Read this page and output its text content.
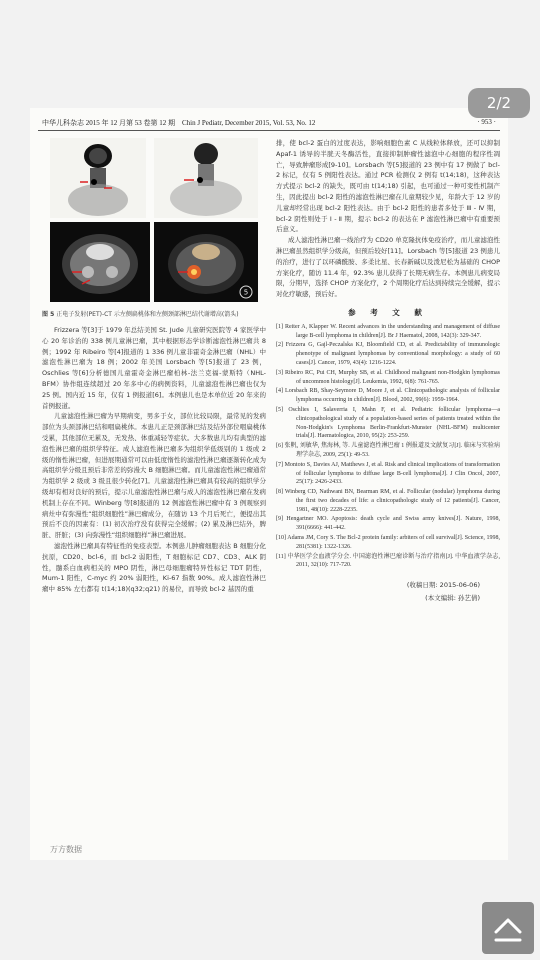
中华儿科杂志 2015 年 12 月第 53 卷第 12 期　Chin J Pediatr, December 2015, Vol. 53, No. 12	· 953 ·
5
图 5 正电子发射(PET)-CT 示左侧扁桃体和左侧颈部淋巴结代谢增高(箭头)

Frizzera 等[3]于 1979 年总结美国 St. Jude 儿童研究医院等 4 家医学中心 20 年诊治的 338 例儿童淋巴瘤，其中根据形态学诊断滤泡性淋巴瘤共 8 例；1992 年 Ribeiro 等[4]报道的 1 336 例儿童非霍奇金淋巴瘤（NHL）中滤泡性淋巴瘤为 18 例；2002 年美国 Lorsbach 等[5]报道了 23 例，Oschlies 等[6]分析德国儿童霍奇金淋巴瘤柏林-法兰克福-蒙斯特（NHL-BFM）协作组连续超过 20 年多中心的病例资料，儿童滤泡性淋巴瘤也仅为 25 例。国内近 15 年，仅有 1 例报道[6]。本例患儿也是本单位近 20 年来的首例报道。

儿童滤泡性淋巴瘤为早期病变，男多于女，部位比较局限，最常见的发病部位为头颈部淋巴结和咽扁桃体。本患儿正是颈部淋巴结及结外部位咽扁桃体受累，其他部位无累及，无发热、体重减轻等症状。大多数患儿均有典型的滤泡性淋巴瘤的组织学特征。成人滤泡性淋巴瘤多为组织学低级别的 1 级或 2 级的惰性淋巴瘤，但进展期通常可以由低度惰性的滤泡性淋巴瘤逐渐转化成为高组织学分级且预后非常差的弥漫大 B 细胞淋巴瘤。而儿童滤泡性淋巴瘤通常为组织学 2 级或 3 级且很少转化[7]。儿童滤泡性淋巴瘤具有较高的组织学分级却有相对良好的预后，提示儿童滤泡性淋巴瘤与成人的滤泡性淋巴瘤在发病机制上存在不同。Winberg 等[8]报道的 12 例滤泡性淋巴瘤中有 3 例观察到病灶中有弥漫性“组织细胞性”淋巴瘤成分，在随访 13 个月后死亡，便提出其预后不良的因素有：(1) 初次治疗没有获得完全缓解；(2) 累及淋巴结外，脾脏、肝脏；(3) 向弥漫性“组织细胞样”淋巴瘤进展。

滤泡性淋巴瘤具有特征性的免疫表型。本例患儿肿瘤细胞表达 B 细胞分化抗原，CD20、bcl-6，而 bcl-2 弱阳性，T 细胞标记 CD7、CD3、ALK 阴性，髓系白血病相关的 MPO 阴性，淋巴母细胞瘤特异性标记 TDT 阴性，Mum-1 阳性，C-myc 约 20% 弱阳性，Ki-67 指数 90%。成人滤泡性淋巴瘤中 85% 左右都有 t(14;18)(q32;q21) 的易位，而导致 bcl-2 基因的重

排，使 bcl-2 蛋白的过度表达，影响细胞色素 C 从线粒体释放，还可以抑制 Apaf-1 诱导的半胱天冬酶活性，直接抑制肿瘤性滤泡中心细胞的程序性凋亡，导致肿瘤形成[9-10]。Lorsbach 等[5]报道的 23 例中有 17 例做了 bcl-2 标记，仅有 5 例阳性表达。通过 PCR 检测仅 2 例有 t(14;18)，这种表达方式提示 bcl-2 的缺失，既可由 t(14;18) 引起，也可通过一种可变性机制产生，因此提出 bcl-2 阳性的滤泡性淋巴瘤在儿童期较少见，年龄大于 12 岁的儿童却经常出现 bcl-2 阳性表达。由于 bcl-2 阳性的患者多处于 Ⅲ - Ⅳ 期，bcl-2 阴性则处于 Ⅰ - Ⅱ 期，提示 bcl-2 的表达在 P 滤泡性淋巴瘤中有重要预后意义。

成人滤泡性淋巴瘤一线治疗为 CD20 单克隆抗体免疫治疗，而儿童滤泡性淋巴瘤虽然组织学分级高，但预后较好[11]。Lorsbach 等[5]报道 23 例患儿的治疗，进行了以环磷酰胺、多柔比星、长春新碱以及泼尼松为基础的 CHOP 方案化疗，随访 11.4 年，92.3% 患儿获得了长期无病生存。本例患儿病变局限，分期早，选择 CHOP 方案化疗，2 个周期化疗后达到持续完全缓解，提示对化疗敏感，预后好。

参 考 文 献
[1] Reiter A, Klapper W. Recent advances in the understanding and management of diffuse large B-cell lymphoma in children[J]. Br J Haematol, 2008, 142(3): 329-347.
[2] Frizzera G, Gajl-Peczalska KJ, Bloomfield CD, et al. Predictability of immunologic phenotype of malignant lymphomas by conventional morphology: a study of 60 cases[J]. Cancer, 1979, 43(4): 1216-1224.
[3] Ribeiro RC, Pui CH, Murphy SB, et al. Childhood malignant non-Hodgkin lymphomas of uncommon histology[J]. Leukemia, 1992, 6(8): 761-765.
[4] Lorsbach RB, Shay-Seymore D, Moore J, et al. Clinicopathologic analysis of follicular lymphoma occurring in children[J]. Blood, 2002, 99(6): 1959-1964.
[5] Oschlies I, Salaverria I, Mahn F, et al. Pediatric follicular lymphoma—a clinicopathological study of a population-based series of patients treated within the Non-Hodgkin's Lymphoma Berlin-Frankfurt-Munster (NHL-BFM) multicenter trials[J]. Haematologica, 2010, 95(2): 253-259.
[6] 张帆, 刘敏华, 焦海林, 等. 儿童滤泡性淋巴瘤 1 例报道及文献复习[J]. 临床与实验病理学杂志, 2009, 25(1): 49-53.
[7] Montoto S, Davies AJ, Matthews J, et al. Risk and clinical implications of transformation of follicular lymphoma to diffuse large B-cell lymphoma[J]. J Clin Oncol, 2007, 25(17): 2426-2433.
[8] Winberg CD, Nathwani BN, Bearman RM, et al. Follicular (nodular) lymphoma during the first two decades of life: a clinicopathologic study of 12 patients[J]. Cancer, 1981, 48(10): 2228-2235.
[9] Hengartner MO. Apoptosis: death cycle and Swiss army knives[J]. Nature, 1998, 391(6666): 441-442.
[10] Adams JM, Cory S. The Bcl-2 protein family: arbiters of cell survival[J]. Science, 1998, 281(5381): 1322-1326.
[11] 中华医学会血液学分会. 中国滤泡性淋巴瘤诊断与治疗指南[J]. 中华血液学杂志, 2011, 32(10): 717-720.
(收稿日期: 2015-06-06)
(本文编辑: 孙艺倩)
万方数据
2/2
